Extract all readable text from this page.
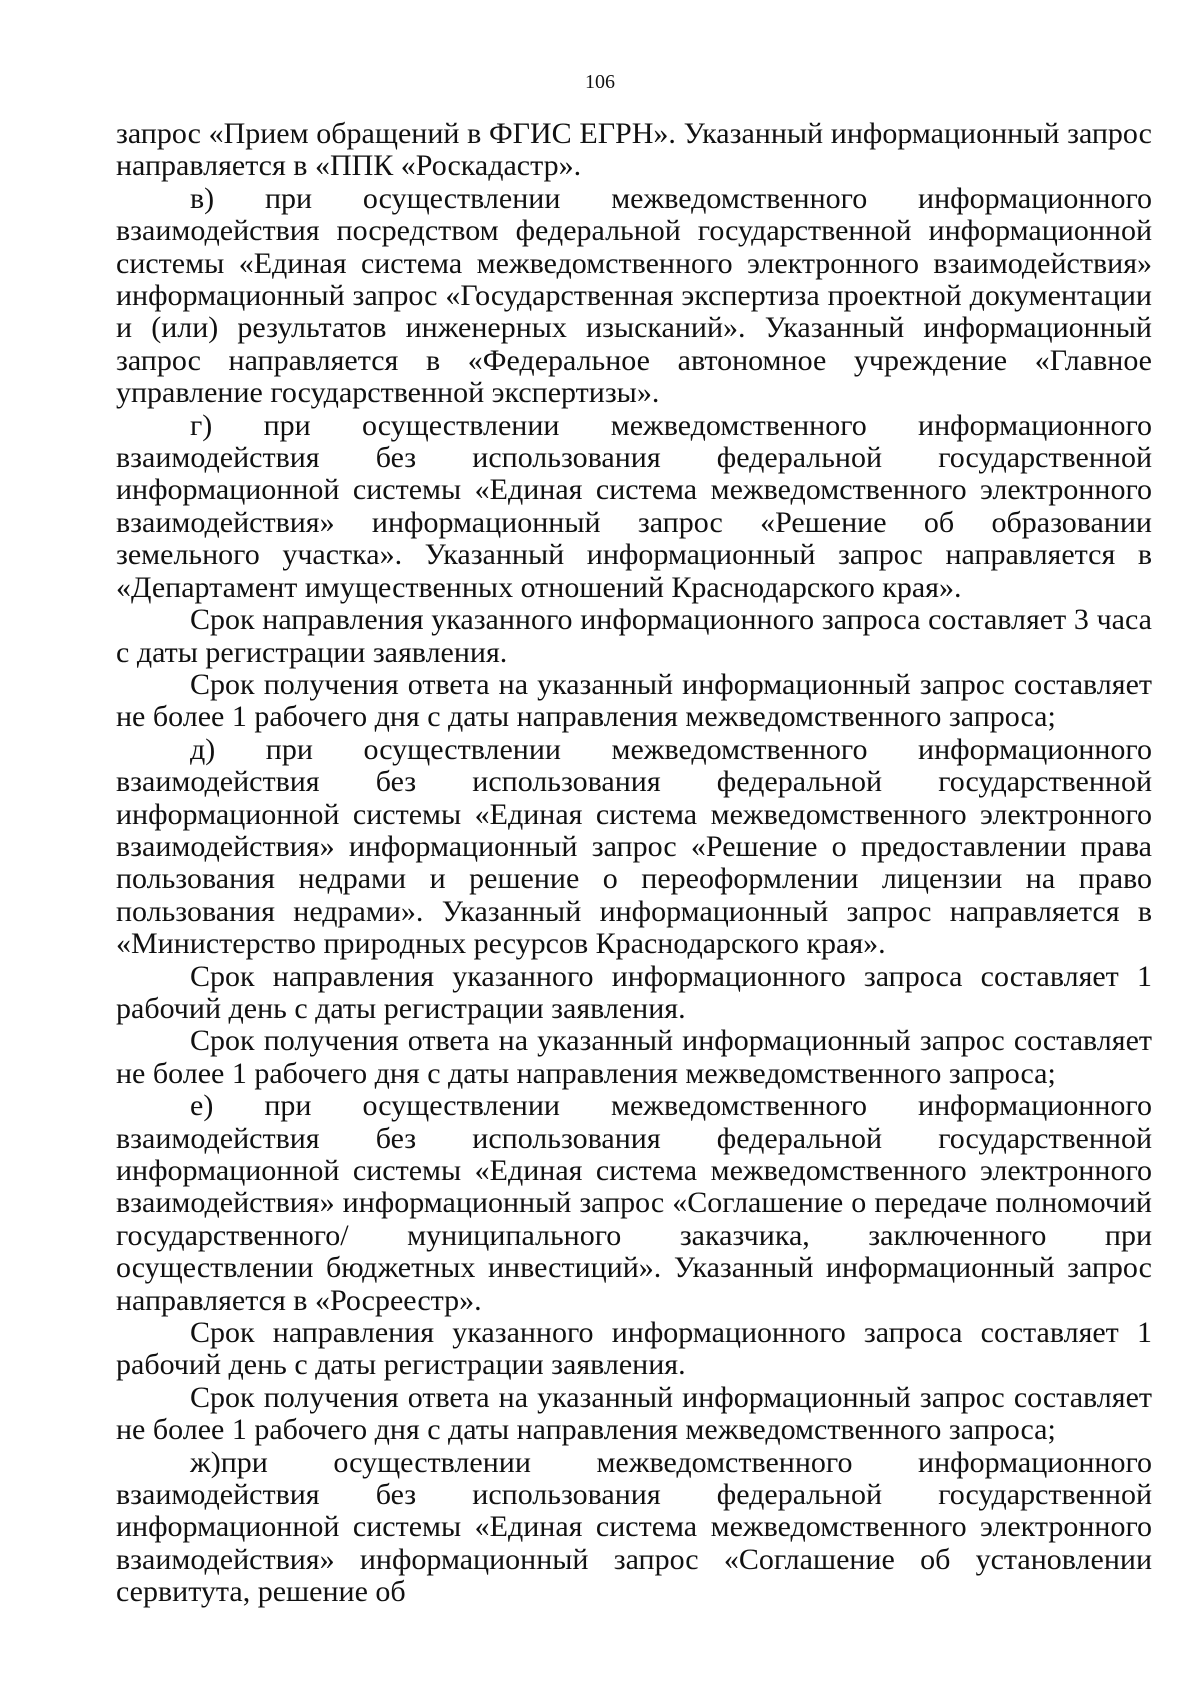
106

запрос «Прием обращений в ФГИС ЕГРН». Указанный информационный запрос направляется в «ППК «Роскадастр».

в) при осуществлении межведомственного информационного взаимодействия посредством федеральной государственной информационной системы «Единая система межведомственного электронного взаимодействия» информационный запрос «Государственная экспертиза проектной документации и (или) результатов инженерных изысканий». Указанный информационный запрос направляется в «Федеральное автономное учреждение «Главное управление государственной экспертизы».

г) при осуществлении межведомственного информационного взаимодействия без использования федеральной государственной информационной системы «Единая система межведомственного электронного взаимодействия» информационный запрос «Решение об образовании земельного участка». Указанный информационный запрос направляется в «Департамент имущественных отношений Краснодарского края».

Срок направления указанного информационного запроса составляет 3 часа с даты регистрации заявления.

Срок получения ответа на указанный информационный запрос составляет не более 1 рабочего дня с даты направления межведомственного запроса;

д) при осуществлении межведомственного информационного взаимодействия без использования федеральной государственной информационной системы «Единая система межведомственного электронного взаимодействия» информационный запрос «Решение о предоставлении права пользования недрами и решение о переоформлении лицензии на право пользования недрами». Указанный информационный запрос направляется в «Министерство природных ресурсов Краснодарского края».

Срок направления указанного информационного запроса составляет 1 рабочий день с даты регистрации заявления.

Срок получения ответа на указанный информационный запрос составляет не более 1 рабочего дня с даты направления межведомственного запроса;

е) при осуществлении межведомственного информационного взаимодействия без использования федеральной государственной информационной системы «Единая система межведомственного электронного взаимодействия» информационный запрос «Соглашение о передаче полномочий государственного/ муниципального заказчика, заключенного при осуществлении бюджетных инвестиций». Указанный информационный запрос направляется в «Росреестр».

Срок направления указанного информационного запроса составляет 1 рабочий день с даты регистрации заявления.

Срок получения ответа на указанный информационный запрос составляет не более 1 рабочего дня с даты направления межведомственного запроса;

ж)при осуществлении межведомственного информационного взаимодействия без использования федеральной государственной информационной системы «Единая система межведомственного электронного взаимодействия» информационный запрос «Соглашение об установлении сервитута, решение об
